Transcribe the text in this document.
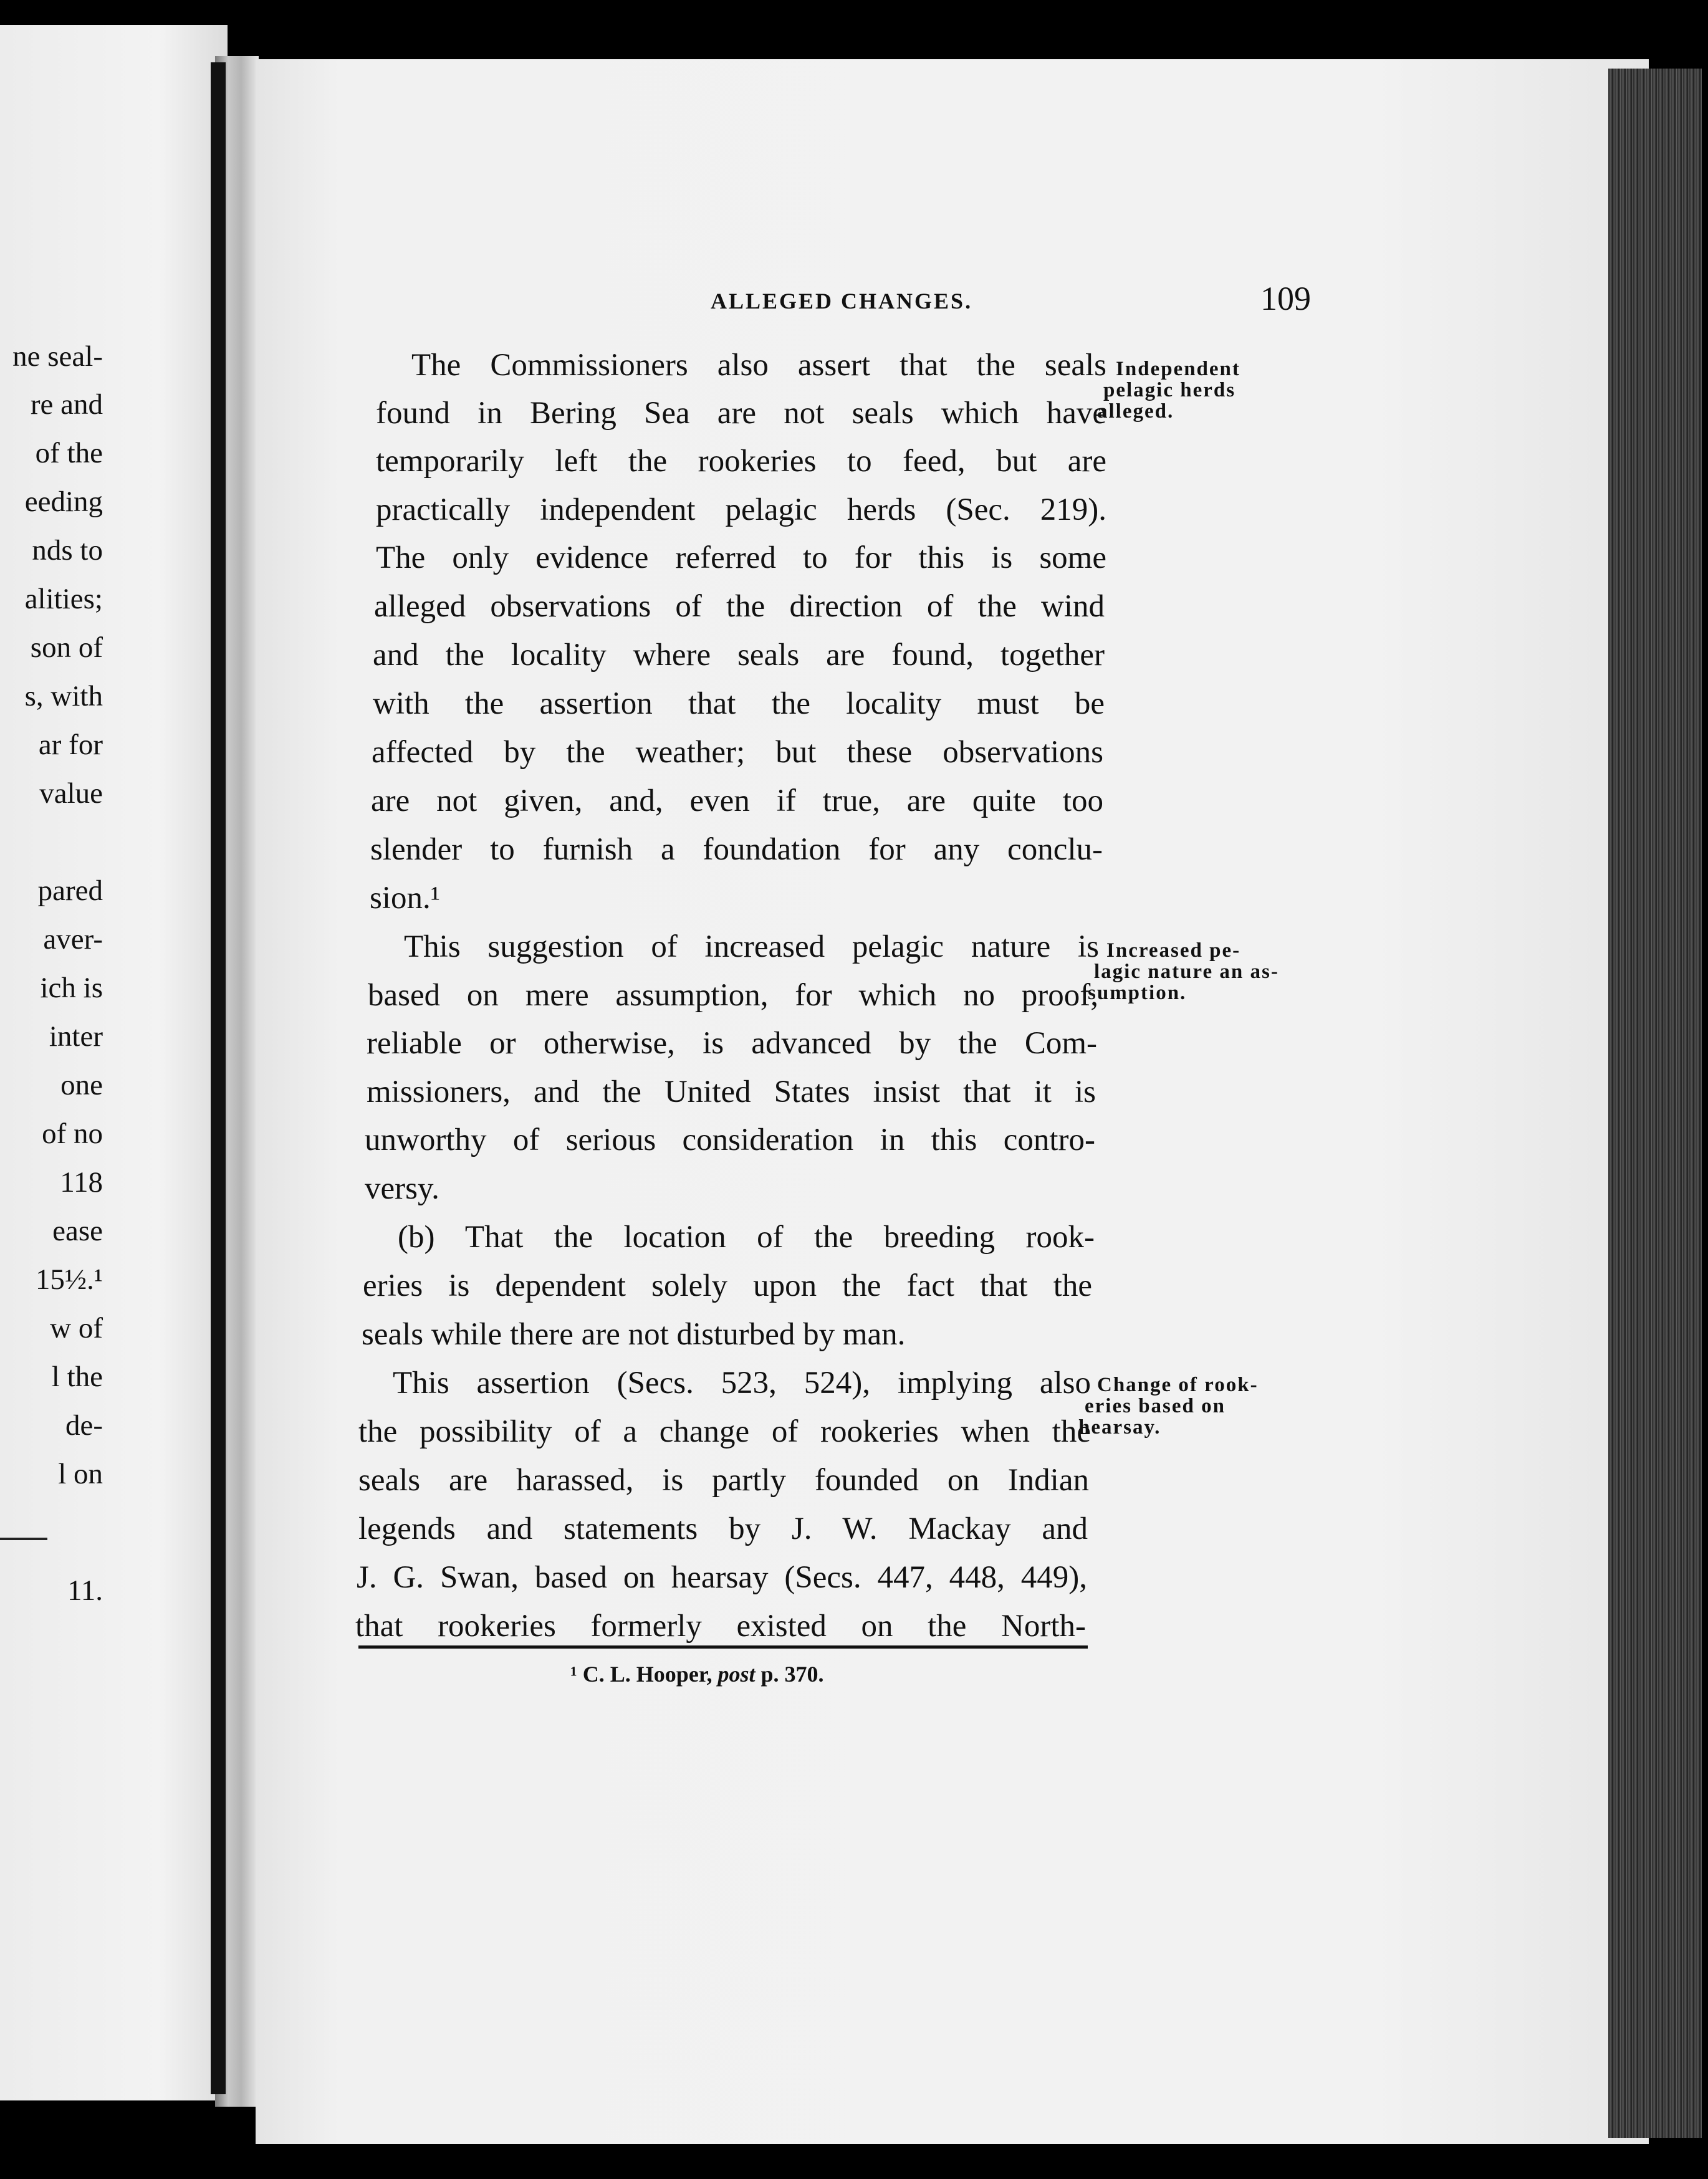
ALLEGED CHANGES.	109
The Commissioners also assert that the seals
found in Bering Sea are not seals which have
temporarily left the rookeries to feed, but are
practically independent pelagic herds (Sec. 219).
The only evidence referred to for this is some
alleged observations of the direction of the wind
and the locality where seals are found, together
with the assertion that the locality must be
affected by the weather; but these observations
are not given, and, even if true, are quite too
slender to furnish a foundation for any conclu-
sion.¹
This suggestion of increased pelagic nature is
based on mere assumption, for which no proof,
reliable or otherwise, is advanced by the Com-
missioners, and the United States insist that it is
unworthy of serious consideration in this contro-
versy.
(b) That the location of the breeding rook-
eries is dependent solely upon the fact that the
seals while there are not disturbed by man.
This assertion (Secs. 523, 524), implying also
the possibility of a change of rookeries when the
seals are harassed, is partly founded on Indian
legends and statements by J. W. Mackay and
J. G. Swan, based on hearsay (Secs. 447, 448, 449),
that rookeries formerly existed on the North-
Independent
pelagic herds
alleged.
Increased pe-
lagic nature an as-
sumption.
Change of rook-
eries based on
hearsay.
ne seal-
re and
of the
eeding
nds to
alities;
son of
s, with
ar for
value
pared
aver-
ich is
inter
one
of no
118
ease
15½.¹
w of
l the
de-
l on
11.
¹ C. L. Hooper, post p. 370.
